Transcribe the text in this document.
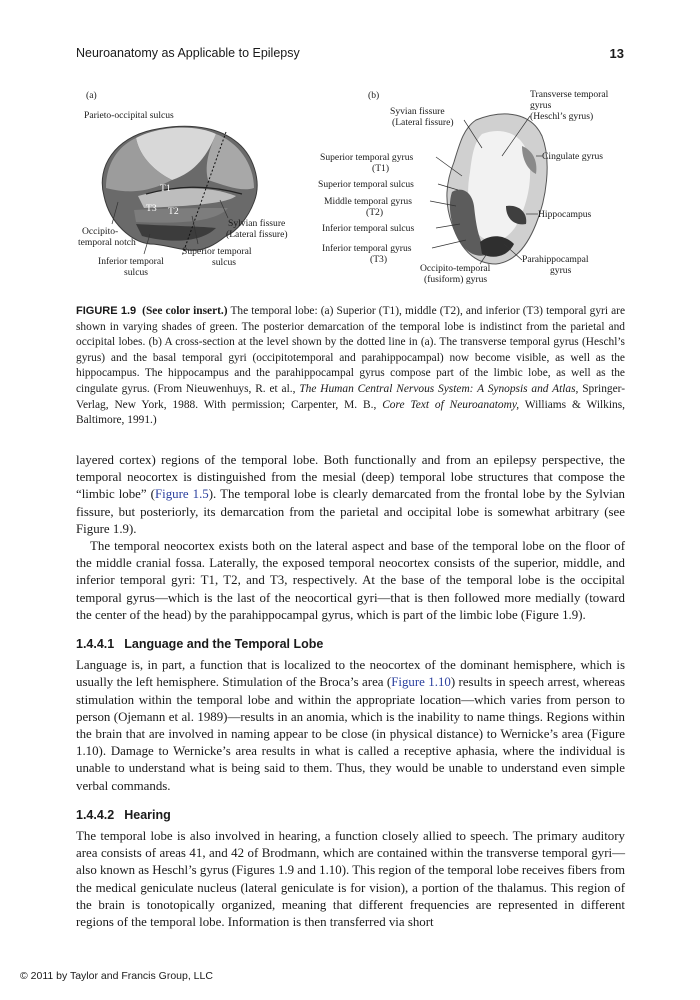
Neuroanatomy as Applicable to Epilepsy	13
(a)
Parieto-occipital sulcus
T1
T3 T2
Occipito-
temporal notch
Sylvian fissure
(Lateral fissure)
Superior temporal
sulcus
Inferior temporal
sulcus
(b)
Syvian fissure
(Lateral fissure)
Transverse temporal
gyrus
(Heschl’s gyrus)
Superior temporal gyrus
(T1)
Cingulate gyrus
Superior temporal sulcus
Middle temporal gyrus
(T2)	Hippocampus
Inferior temporal sulcus
Inferior temporal gyrus
(T3)	Parahippocampal
gyrus
Occipito-temporal
(fusiform) gyrus
FIGURE 1.9 (See color insert.) The temporal lobe: (a) Superior (T1), middle (T2), and inferior (T3) temporal gyri are shown in varying shades of green. The posterior demarcation of the temporal lobe is indistinct from the parietal and occipital lobes. (b) A cross-section at the level shown by the dotted line in (a). The transverse temporal gyrus (Heschl’s gyrus) and the basal temporal gyri (occipitotemporal and parahippocampal) now become visible, as well as the hippocampus. The hippocampus and the parahippocampal gyrus compose part of the limbic lobe, as well as the cingulate gyrus. (From Nieuwenhuys, R. et al., The Human Central Nervous System: A Synopsis and Atlas, Springer-Verlag, New York, 1988. With permission; Carpenter, M. B., Core Text of Neuroanatomy, Williams & Wilkins, Baltimore, 1991.)

layered cortex) regions of the temporal lobe. Both functionally and from an epilepsy perspective, the temporal neocortex is distinguished from the mesial (deep) temporal lobe structures that compose the “limbic lobe” (Figure 1.5). The temporal lobe is clearly demarcated from the frontal lobe by the Sylvian fissure, but posteriorly, its demarcation from the parietal and occipital lobe is somewhat arbitrary (see Figure 1.9).

The temporal neocortex exists both on the lateral aspect and base of the temporal lobe on the floor of the middle cranial fossa. Laterally, the exposed temporal neocortex consists of the superior, middle, and inferior temporal gyri: T1, T2, and T3, respectively. At the base of the temporal lobe is the occipital temporal gyrus—which is the last of the neocortical gyri—that is then followed more medially (toward the center of the head) by the parahippocampal gyrus, which is part of the limbic lobe (Figure 1.9).

1.4.4.1 Language and the Temporal Lobe

Language is, in part, a function that is localized to the neocortex of the dominant hemisphere, which is usually the left hemisphere. Stimulation of the Broca’s area (Figure 1.10) results in speech arrest, whereas stimulation within the temporal lobe and within the appropriate location—which varies from person to person (Ojemann et al. 1989)—results in an anomia, which is the inability to name things. Regions within the brain that are involved in naming appear to be close (in physical distance) to Wernicke’s area (Figure 1.10). Damage to Wernicke’s area results in what is called a receptive aphasia, where the individual is unable to understand what is being said to them. Thus, they would be unable to understand even simple verbal commands.

1.4.4.2 Hearing

The temporal lobe is also involved in hearing, a function closely allied to speech. The primary auditory area consists of areas 41, and 42 of Brodmann, which are contained within the transverse temporal gyri—also known as Heschl’s gyrus (Figures 1.9 and 1.10). This region of the temporal lobe receives fibers from the medical geniculate nucleus (lateral geniculate is for vision), a portion of the thalamus. This region of the brain is tonotopically organized, meaning that different frequencies are represented in different regions of the temporal lobe. Information is then transferred via short

© 2011 by Taylor and Francis Group, LLC
